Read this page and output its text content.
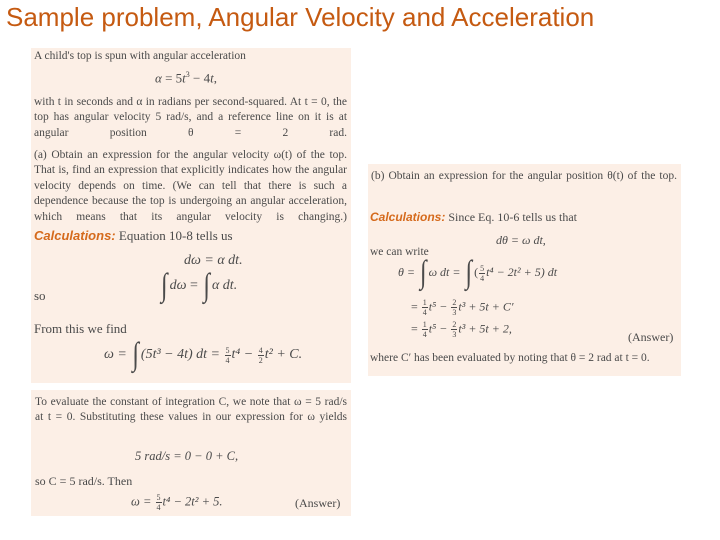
Sample problem, Angular Velocity and Acceleration
A child's top is spun with angular acceleration
$\alpha = 5t^3 - 4t$,
with t in seconds and α in radians per second-squared. At t = 0, the top has angular velocity 5 rad/s, and a reference line on it is at angular position θ = 2 rad.
(a) Obtain an expression for the angular velocity ω(t) of the top. That is, find an expression that explicitly indicates how the angular velocity depends on time. (We can tell that there is such a dependence because the top is undergoing an angular acceleration, which means that its angular velocity is changing.)
Calculations: Equation 10-8 tells us
dω = α dt.
so	∫ dω = ∫ α dt.
From this we find
ω = ∫ (5t³ − 4t) dt = $\frac{5}{4} t^4 - \frac{4}{2} t^2 + C$.
(b) Obtain an expression for the angular position θ(t) of the top.
Calculations: Since Eq. 10-6 tells us that
dθ = ω dt,
we can write
θ = ∫ ω dt = ∫ ( $\frac{5}{4} t^4 - 2t^2 + 5$) dt
= $\frac{1}{4} t^5 - \frac{2}{3} t^3 + 5t + C'$
= $\frac{1}{4} t^5 - \frac{2}{3} t^3 + 5t + 2$,
(Answer)
where C′ has been evaluated by noting that θ = 2 rad at t = 0.
To evaluate the constant of integration C, we note that ω = 5 rad/s at t = 0. Substituting these values in our expression for ω yields
5 rad/s = 0 − 0 + C,
so C = 5 rad/s. Then
$\omega = \frac{5}{4} t^4 - 2t^2 + 5$.	(Answer)
